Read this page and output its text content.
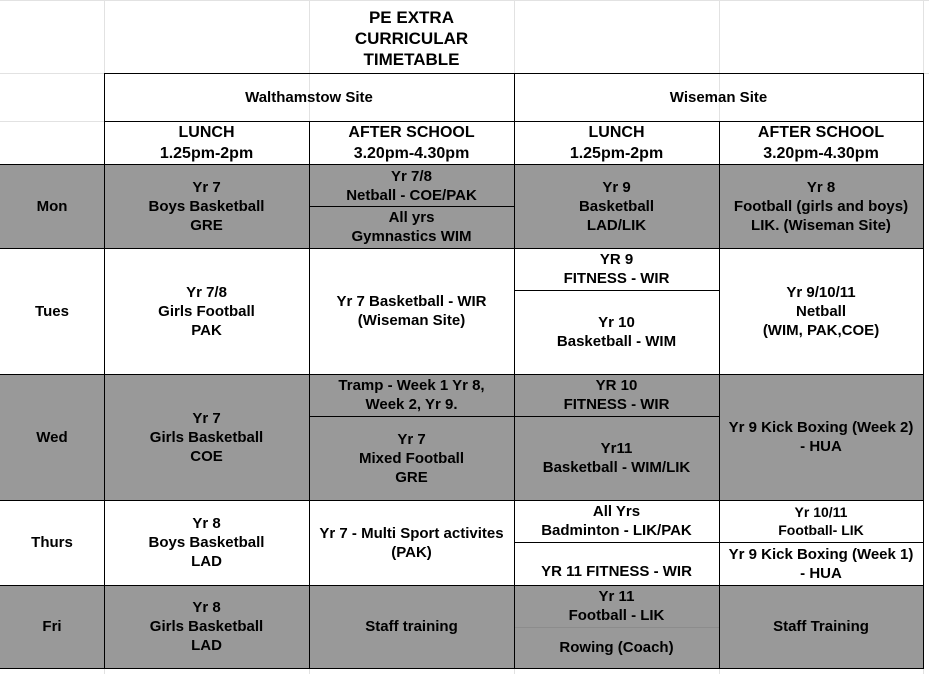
PE EXTRA
CURRICULAR
TIMETABLE
Walthamstow Site	Wiseman Site
LUNCH
1.25pm-2pm
AFTER SCHOOL
3.20pm-4.30pm
LUNCH
1.25pm-2pm
AFTER SCHOOL
3.20pm-4.30pm
Mon
Tues
Wed
Thurs
Fri
Yr 7
Boys Basketball
GRE
Yr 7/8
Netball - COE/PAK
All yrs
Gymnastics WIM
Yr 9
Basketball
LAD/LIK
Yr 8
Football (girls and boys)
LIK. (Wiseman Site)
Yr 7/8
Girls Football
PAK
Yr 7 Basketball - WIR
(Wiseman Site)
YR 9
FITNESS - WIR
Yr 10
Basketball - WIM
Yr 9/10/11
Netball
(WIM, PAK,COE)
Yr 7
Girls Basketball
COE
Tramp - Week 1 Yr 8,
Week 2, Yr 9.
Yr 7
Mixed Football
GRE
YR 10
FITNESS - WIR
Yr11
Basketball - WIM/LIK
Yr 9 Kick Boxing (Week 2)
- HUA
Yr 8
Boys Basketball
LAD
Yr 7 - Multi Sport activites
(PAK)
All Yrs
Badminton - LIK/PAK
YR 11 FITNESS - WIR
Yr 10/11
Football- LIK
Yr 9 Kick Boxing (Week 1)
- HUA
Yr 8
Girls Basketball
LAD
Staff training
Yr 11
Football - LIK
Rowing (Coach)
Staff Training
